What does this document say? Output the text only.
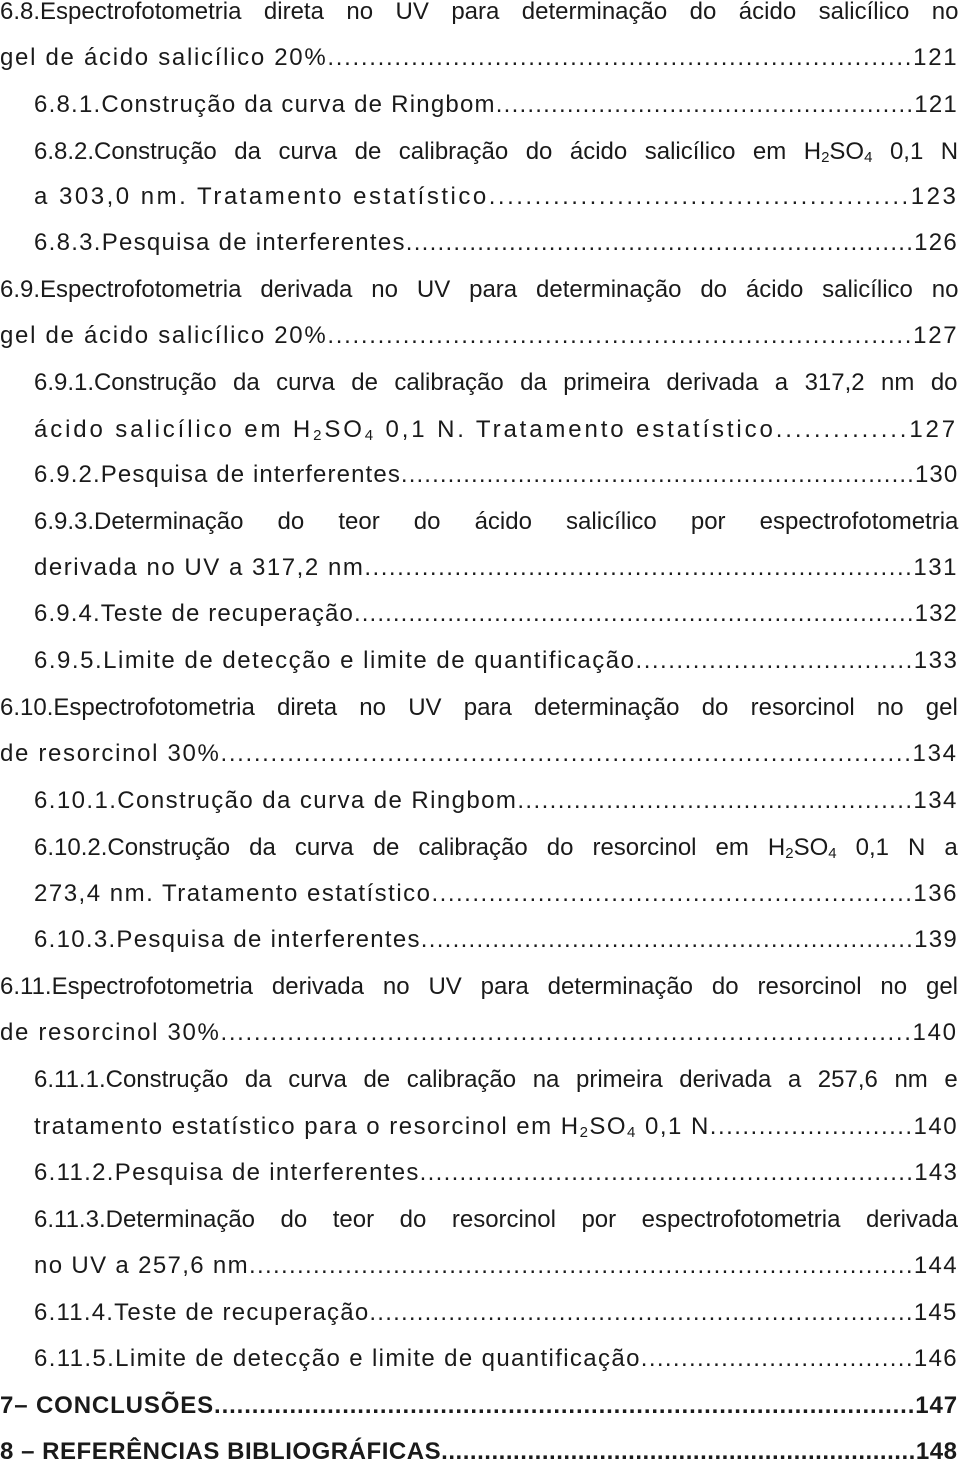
6.8.Espectrofotometria direta no UV para determinação do ácido salicílico no
gel de ácido salicílico 20%......................................................................121
6.8.1.Construção da curva de Ringbom.....................................................121
6.8.2.Construção da curva de calibração do ácido salicílico em $H_2SO_4$ 0,1 N
a 303,0 nm. Tratamento estatístico..............................................123
6.8.3.Pesquisa de interferentes................................................................126
6.9.Espectrofotometria derivada no UV para determinação do ácido salicílico no
gel de ácido salicílico 20%......................................................................127
6.9.1.Construção da curva de calibração da primeira derivada a 317,2 nm do
ácido salicílico em $H_2SO_4$ 0,1 N. Tratamento estatístico..............127
6.9.2.Pesquisa de interferentes..................................................................130
6.9.3.Determinação do teor do ácido salicílico por espectrofotometria
derivada no UV a 317,2 nm...................................................................131
6.9.4.Teste de recuperação........................................................................132
6.9.5.Limite de detecção e limite de quantificação..................................133
6.10.Espectrofotometria direta no UV para determinação do resorcinol no gel
de resorcinol 30%...................................................................................134
6.10.1.Construção da curva de Ringbom.................................................134
6.10.2.Construção da curva de calibração do resorcinol em $H_2SO_4$ 0,1 N a
273,4 nm. Tratamento estatístico...........................................................136
6.10.3.Pesquisa de interferentes..............................................................139
6.11.Espectrofotometria derivada no UV para determinação do resorcinol no gel
de resorcinol 30%...................................................................................140
6.11.1.Construção da curva de calibração na primeira derivada a 257,6 nm e
tratamento estatístico para o resorcinol em $H_2SO_4$ 0,1 N.........................140
6.11.2.Pesquisa de interferentes..............................................................143
6.11.3.Determinação do teor do resorcinol por espectrofotometria derivada
no UV a 257,6 nm...................................................................................144
6.11.4.Teste de recuperação.....................................................................145
6.11.5.Limite de detecção e limite de quantificação..................................146
7– CONCLUSÕES.............................................................................................147
8 – REFERÊNCIAS BIBLIOGRÁFICAS..................................................................148
